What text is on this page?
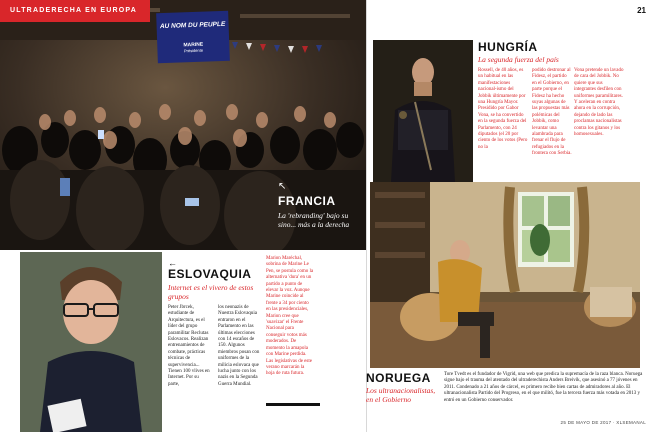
AU NOM DU PEUPLE
MARINE
Présidente
ULTRADERECHA EN EUROPA
↖
FRANCIA
La 'rebranding' bajo su sino... más a la derecha
21
HUNGRÍA
La segunda fuerza del país
Rossell, de 40 años, es un habitual en las manifestaciones nacional-ismo del Jobbik últimamente por una Hungría Mayor. Presidido por Gabor Vona, se ha convertido en la segunda fuerza del Parlamento, con 24 diputados (el 20 por ciento de los votos (Pero no la
podido destronar al Fidesz, el partido en el Gobierno, en parte porque el Fidesz ha hecho suyas algunas de las propuestas más polémicas del Jobbik, como levantar una alambrada para frenar el flujo de refugiados en la frontera con Serbia.
Vona pretende un lavado de cara del Jobbik. No quiere que sus integrantes desfilen con uniformes paramilitares. Y aceleran en contra ahora en la corrupción, dejando de lado las proclamas nacionalistas contra los gitanos y los homosexuales.
←
ESLOVAQUIA
Internet es el vivero de estos grupos
Peter Jbrcek, estudiante de Arquitectura, es el líder del grupo paramilitar Reclutas Eslovacos. Realizan entrenamientos de combate, prácticas técnicas de supervivencia... Tienen 100 vlives en Internet. Por su parte,
los neonazis de Nuestra Eslovaquia entraron en el Parlamento en las últimas elecciones con 14 escaños de 150. Algunos miembros posan con uniformes de la milicia eslovaca que lucha junto con los nazis en la Segunda Guerra Mundial.
Marion Maréchal, sobrina de Marine Le Pen, se postula como la alternativa 'dura' en un partido a punto de elevar la voz. Aunque Marine coincide al frente a 34 por ciento en las presidenciales, Marion cree que 'suavizar' el Frente Nacional para conseguir votos más moderados. De momento la amapola con Marine perdida. Las legislativas de este verano marcarán la hoja de ruta futura.	NORUEGA
Los ultranacionalistas, en el Gobierno
Tore Tvedt es el fundador de Vigrid, una web que predica la supremacía de la raza blanca. Noruega sigue bajo el trauma del atentado del ultraderechista Anders Breivik, que asesinó a 77 jóvenes en 2011. Condenado a 21 años de cárcel, es primero recibe bien cartas de admiradores al año. El ultranacionalista Partido del Progreso, en el que militó, fue la tercera fuerza más votada en 2013 y entró en un Gobierno conservador.
25 DE MAYO DE 2017 · XLSEMANAL
